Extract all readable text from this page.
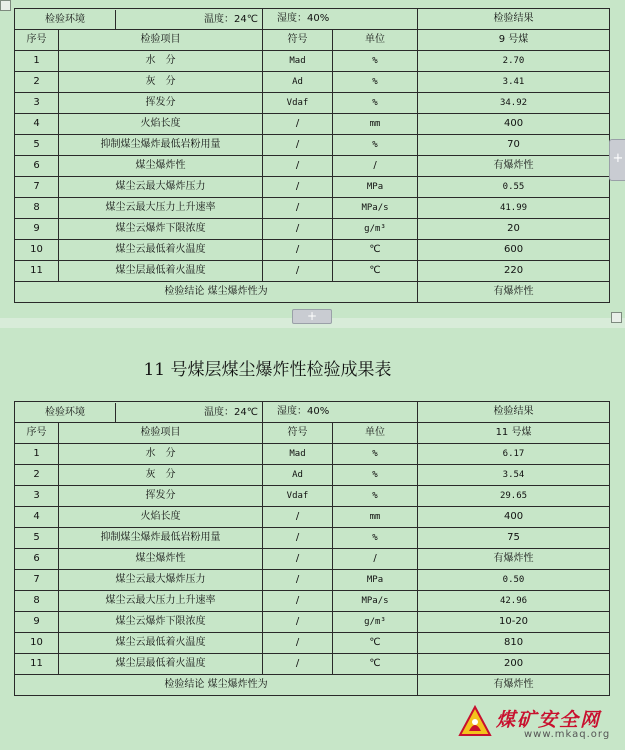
检验环境 温度：24℃		湿度：40%		检验结果
序号	检验项目	符号	单位	9 号煤
1	水　分	Mad	%	2.70
2	灰　分	Ad	%	3.41
3	挥发分	Vdaf	%	34.92
4	火焰长度	/	mm	400
5	抑制煤尘爆炸最低岩粉用量	/	%	70
6	煤尘爆炸性	/	/	有爆炸性
7	煤尘云最大爆炸压力	/	MPa	0.55
8	煤尘云最大压力上升速率	/	MPa/s	41.99
9	煤尘云爆炸下限浓度	/	g/m³	20
10	煤尘云最低着火温度	/	℃	600
11	煤尘层最低着火温度	/	℃	220
检验结论 煤尘爆炸性为				有爆炸性
+
+
11 号煤层煤尘爆炸性检验成果表
检验环境 温度：24℃		湿度：40%		检验结果
序号	检验项目	符号	单位	11 号煤
1	水　分	Mad	%	6.17
2	灰　分	Ad	%	3.54
3	挥发分	Vdaf	%	29.65
4	火焰长度	/	mm	400
5	抑制煤尘爆炸最低岩粉用量	/	%	75
6	煤尘爆炸性	/	/	有爆炸性
7	煤尘云最大爆炸压力	/	MPa	0.50
8	煤尘云最大压力上升速率	/	MPa/s	42.96
9	煤尘云爆炸下限浓度	/	g/m³	10-20
10	煤尘云最低着火温度	/	℃	810
11	煤尘层最低着火温度	/	℃	200
检验结论 煤尘爆炸性为				有爆炸性
煤矿安全网
www.mkaq.org
